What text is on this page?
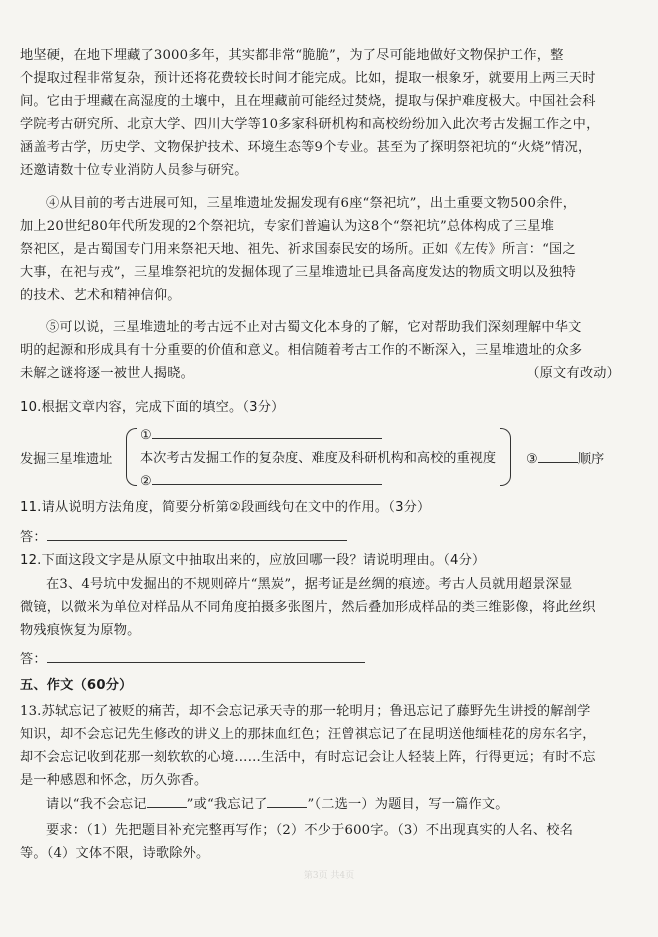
地坚硬，在地下埋藏了3000多年，其实都非常“脆脆”，为了尽可能地做好文物保护工作，整
个提取过程非常复杂，预计还将花费较长时间才能完成。比如，提取一根象牙，就要用上两三天时
间。它由于埋藏在高湿度的土壤中，且在埋藏前可能经过焚烧，提取与保护难度极大。中国社会科
学院考古研究所、北京大学、四川大学等10多家科研机构和高校纷纷加入此次考古发掘工作之中，
涵盖考古学，历史学、文物保护技术、环境生态等9个专业。甚至为了探明祭祀坑的“火烧”情况，
还邀请数十位专业消防人员参与研究。
④从目前的考古进展可知，三星堆遗址发掘发现有6座“祭祀坑”，出土重要文物500余件，
加上20世纪80年代所发现的2个祭祀坑，专家们普遍认为这8个“祭祀坑”总体构成了三星堆
祭祀区，是古蜀国专门用来祭祀天地、祖先、祈求国泰民安的场所。正如《左传》所言：“国之
大事，在祀与戎”，三星堆祭祀坑的发掘体现了三星堆遗址已具备高度发达的物质文明以及独特
的技术、艺术和精神信仰。
⑤可以说，三星堆遗址的考古远不止对古蜀文化本身的了解，它对帮助我们深刻理解中华文
明的起源和形成具有十分重要的价值和意义。相信随着考古工作的不断深入，三星堆遗址的众多
未解之谜将逐一被世人揭晓。	（原文有改动）
10.根据文章内容，完成下面的填空。（3分）
发掘三星堆遗址
①
本次考古发掘工作的复杂度、难度及科研机构和高校的重视度
②
③	顺序
11.请从说明方法角度，简要分析第②段画线句在文中的作用。（3分）
答：
12.下面这段文字是从原文中抽取出来的，应放回哪一段？请说明理由。（4分）
在3、4号坑中发掘出的不规则碎片“黑炭”，据考证是丝绸的痕迹。考古人员就用超景深显
微镜，以微米为单位对样品从不同角度拍摄多张图片，然后叠加形成样品的类三维影像，将此丝织
物残痕恢复为原物。
答：
五、作文（60分）
13.苏轼忘记了被贬的痛苦，却不会忘记承天寺的那一轮明月；鲁迅忘记了藤野先生讲授的解剖学
知识，却不会忘记先生修改的讲义上的那抹血红色；汪曾祺忘记了在昆明送他缅桂花的房东名字，
却不会忘记收到花那一刻软软的心境……生活中，有时忘记会让人轻装上阵，行得更远；有时不忘
是一种感恩和怀念，历久弥香。
请以“我不会忘记	”或“我忘记了	”（二选一）为题目，写一篇作文。
要求：（1）先把题目补充完整再写作；（2）不少于600字。（3）不出现真实的人名、校名
等。（4）文体不限，诗歌除外。
第3页 共4页
